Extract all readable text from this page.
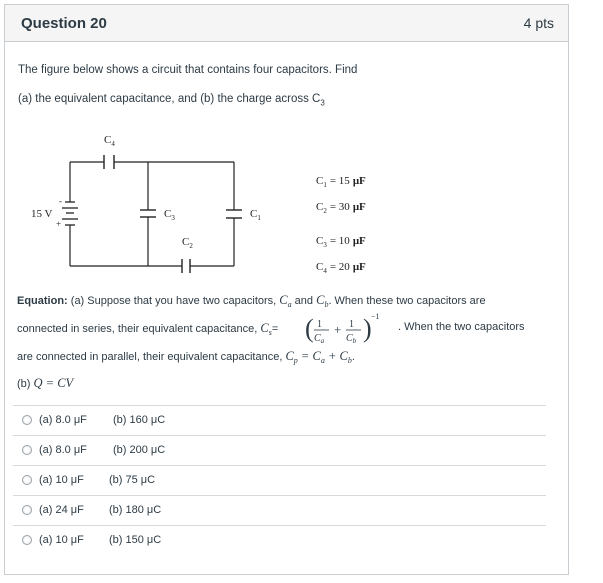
Question 20	4 pts
The figure below shows a circuit that contains four capacitors. Find
(a) the equivalent capacitance, and (b) the charge across $C_3$
$C_4$
$C_2$
$C_3$	$C_1$
15 V
+
-
$C_1 = 15$ μF
$C_2 = 30$ μF
$C_3 = 10$ μF
$C_4 = 20$ μF
Equation: (a) Suppose that you have two capacitors, $C_a$ and $C_b$. When these two capacitors are
connected in series, their equivalent capacitance, $C_s=$ ( 1
$C_a$
+ 1
$C_b$ ) −1
. When the two capacitors
are connected in parallel, their equivalent capacitance, $C_p = C_a + C_b$.
(b) Q = CV
(a) 8.0 μF (b) 160 μC
(a) 8.0 μF (b) 200 μC
(a) 10 μF (b) 75 μC
(a) 24 μF (b) 180 μC
(a) 10 μF (b) 150 μC
